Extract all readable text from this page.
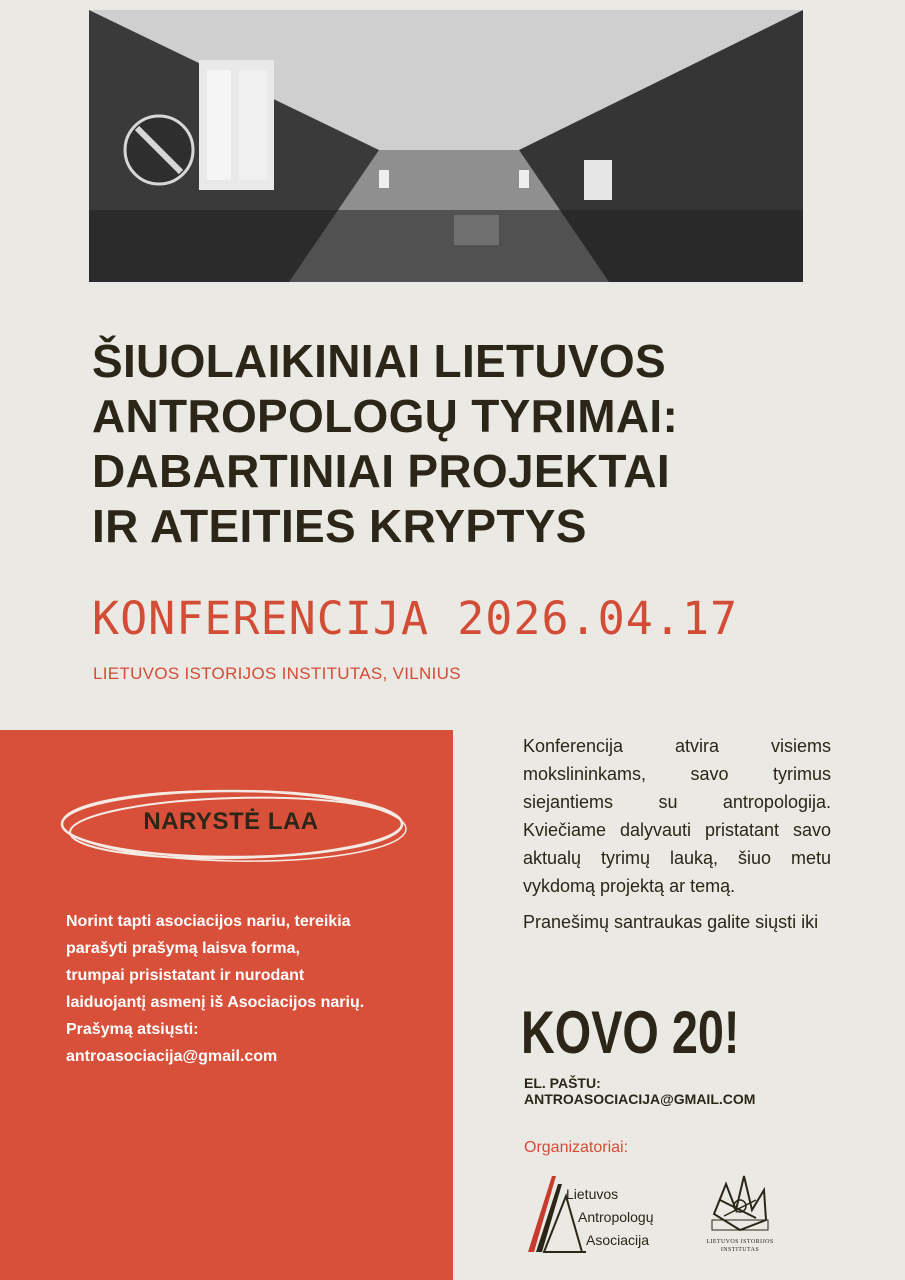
ŠIUOLAIKINIAI LIETUVOS
ANTROPOLOGŲ TYRIMAI:
DABARTINIAI PROJEKTAI
IR ATEITIES KRYPTYS
KONFERENCIJA 2026.04.17
LIETUVOS ISTORIJOS INSTITUTAS, VILNIUS
NARYSTĖ LAA
Norint tapti asociacijos nariu, tereikia
parašyti prašymą laisva forma,
trumpai prisistatant ir nurodant
laiduojantį asmenį iš Asociacijos narių.
Prašymą atsiųsti:
antroasociacija@gmail.com
Konferencija atvira visiems mokslininkams, savo tyrimus siejantiems su antropologija. Kviečiame dalyvauti pristatant savo aktualų tyrimų lauką, šiuo metu vykdomą projektą ar temą.
Pranešimų santraukas galite siųsti iki
KOVO 20!
EL. PAŠTU:
ANTROASOCIACIJA@GMAIL.COM
Organizatoriai:
Lietuvos
Antropologų
Asociacija	LIETUVOS ISTORIJOS
INSTITUTAS
